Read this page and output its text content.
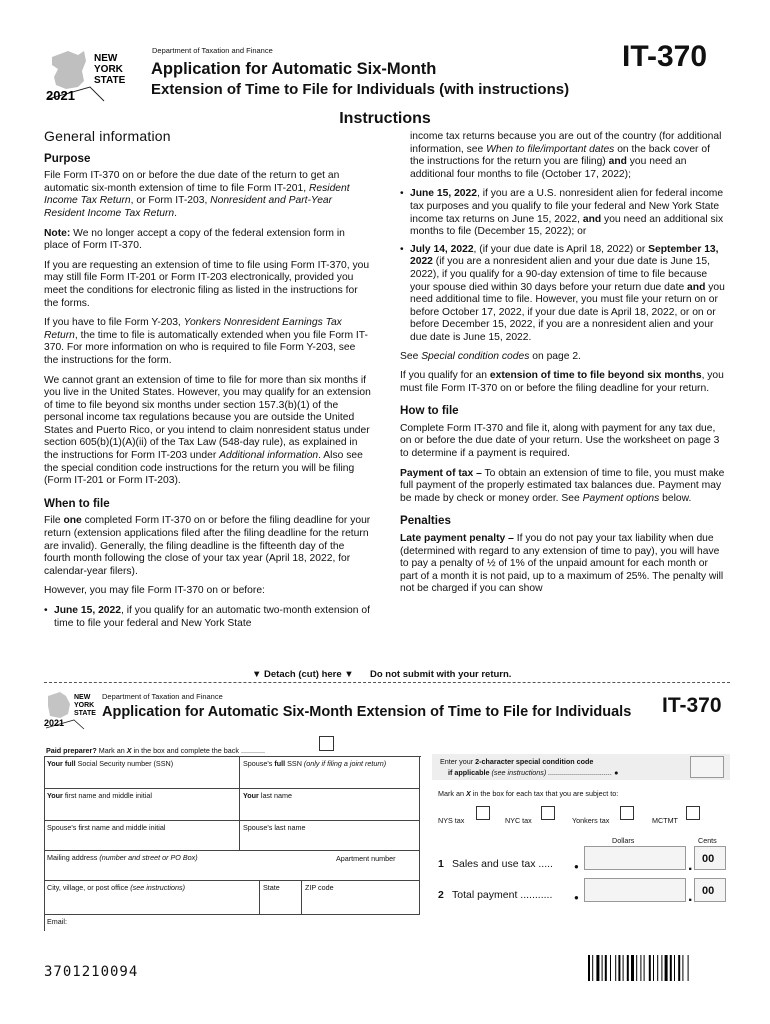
NEW
YORK
STATE
2021
Department of Taxation and Finance
Application for Automatic Six-Month
Extension of Time to File for Individuals (with instructions)
IT-370
Instructions
General information
Purpose

File Form IT-370 on or before the due date of the return to get an automatic six-month extension of time to file Form IT-201, Resident Income Tax Return, or Form IT-203, Nonresident and Part-Year Resident Income Tax Return.

Note: We no longer accept a copy of the federal extension form in place of Form IT-370.

If you are requesting an extension of time to file using Form IT-370, you may still file Form IT-201 or Form IT-203 electronically, provided you meet the conditions for electronic filing as listed in the instructions for the forms.

If you have to file Form Y-203, Yonkers Nonresident Earnings Tax Return, the time to file is automatically extended when you file Form IT-370. For more information on who is required to file Form Y-203, see the instructions for the form.

We cannot grant an extension of time to file for more than six months if you live in the United States. However, you may qualify for an extension of time to file beyond six months under section 157.3(b)(1) of the personal income tax regulations because you are outside the United States and Puerto Rico, or you intend to claim nonresident status under section 605(b)(1)(A)(ii) of the Tax Law (548-day rule), as explained in the instructions for Form IT-203 under Additional information. Also see the special condition code instructions for the return you will be filing (Form IT-201 or Form IT-203).

When to file

File one completed Form IT-370 on or before the filing deadline for your return (extension applications filed after the filing deadline for the return are invalid). Generally, the filing deadline is the fifteenth day of the fourth month following the close of your tax year (April 18, 2022, for calendar-year filers).

However, you may file Form IT-370 on or before:

• June 15, 2022, if you qualify for an automatic two-month extension of time to file your federal and New York State

income tax returns because you are out of the country (for additional information, see When to file/important dates on the back cover of the instructions for the return you are filing) and you need an additional four months to file (October 17, 2022);

• June 15, 2022, if you are a U.S. nonresident alien for federal income tax purposes and you qualify to file your federal and New York State income tax returns on June 15, 2022, and you need an additional six months to file (December 15, 2022); or
• July 14, 2022, (if your due date is April 18, 2022) or September 13, 2022 (if you are a nonresident alien and your due date is June 15, 2022), if you qualify for a 90-day extension of time to file because your spouse died within 30 days before your return due date and you need additional time to file. However, you must file your return on or before October 17, 2022, if your due date is April 18, 2022, or on or before December 15, 2022, if you are a nonresident alien and your due date is June 15, 2022.

See Special condition codes on page 2.

If you qualify for an extension of time to file beyond six months, you must file Form IT-370 on or before the filing deadline for your return.

How to file

Complete Form IT-370 and file it, along with payment for any tax due, on or before the due date of your return. Use the worksheet on page 3 to determine if a payment is required.

Payment of tax – To obtain an extension of time to file, you must make full payment of the properly estimated tax balances due. Payment may be made by check or money order. See Payment options below.

Penalties

Late payment penalty – If you do not pay your tax liability when due (determined with regard to any extension of time to pay), you will have to pay a penalty of ½ of 1% of the unpaid amount for each month or part of a month it is not paid, up to a maximum of 25%. The penalty will not be charged if you can show

▼ Detach (cut) here ▼ Do not submit with your return.
NEW
YORK
STATE
2021
Department of Taxation and Finance
Application for Automatic Six-Month Extension of Time to File for Individuals IT-370
Paid preparer? Mark an X in the box and complete the back ............
Your full Social Security number (SSN)	Spouse's full SSN (only if filing a joint return)
Your first name and middle initial	Your last name
Spouse's first name and middle initial	Spouse's last name
Mailing address (number and street or PO Box)	Apartment number
City, village, or post office (see instructions)	State	ZIP code
Email:
Enter your 2-character special condition code
if applicable (see instructions) ................................ ●
Mark an X in the box for each tax that you are subject to:
NYS tax	NYC tax	Yonkers tax	MCTMT
Dollars	Cents
1 Sales and use tax .....	●	. 00
2 Total payment ...........	●	. 00
3701210094
